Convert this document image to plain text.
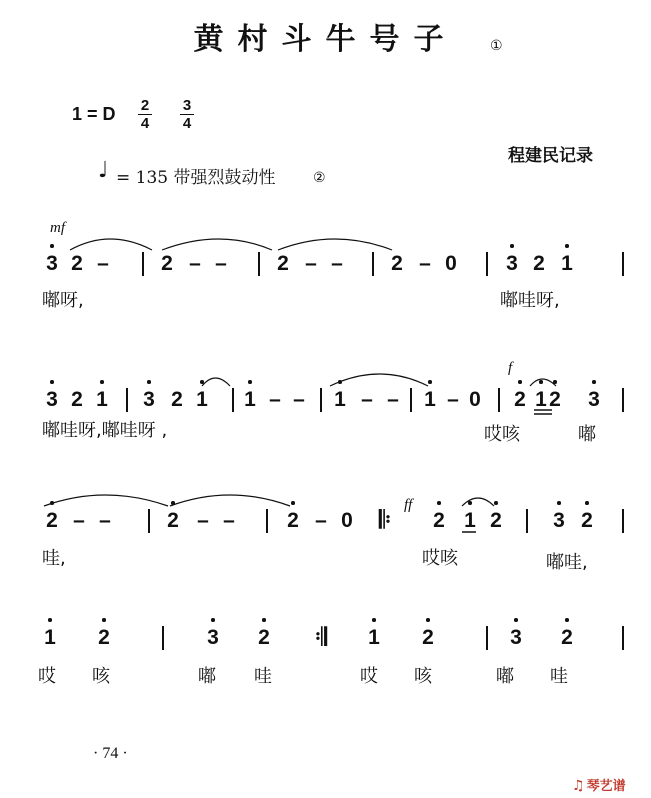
黄村斗牛号子	①
1 = D 2
4
3
4
程建民记录
♩ = 135 带强烈鼓动性	②
mf
3 2 – 2 – – 2 – – 2 – 0 3 2 1
嘟呀,	嘟哇呀,
3 2 1 3 2 1 1 – – 1 – – 1 – 0
f
2 1 2 3
嘟哇呀,嘟哇呀 ,	哎咳	嘟
2 – –	2 – – 2 – 0	𝄆
ff
2 1 2 3 2
哇,	哎咳	嘟哇,
1 2	3 2	𝄇	1 2	3 2
哎 咳	嘟 哇	哎 咳	嘟 哇
· 74 ·
♫ 琴艺谱
